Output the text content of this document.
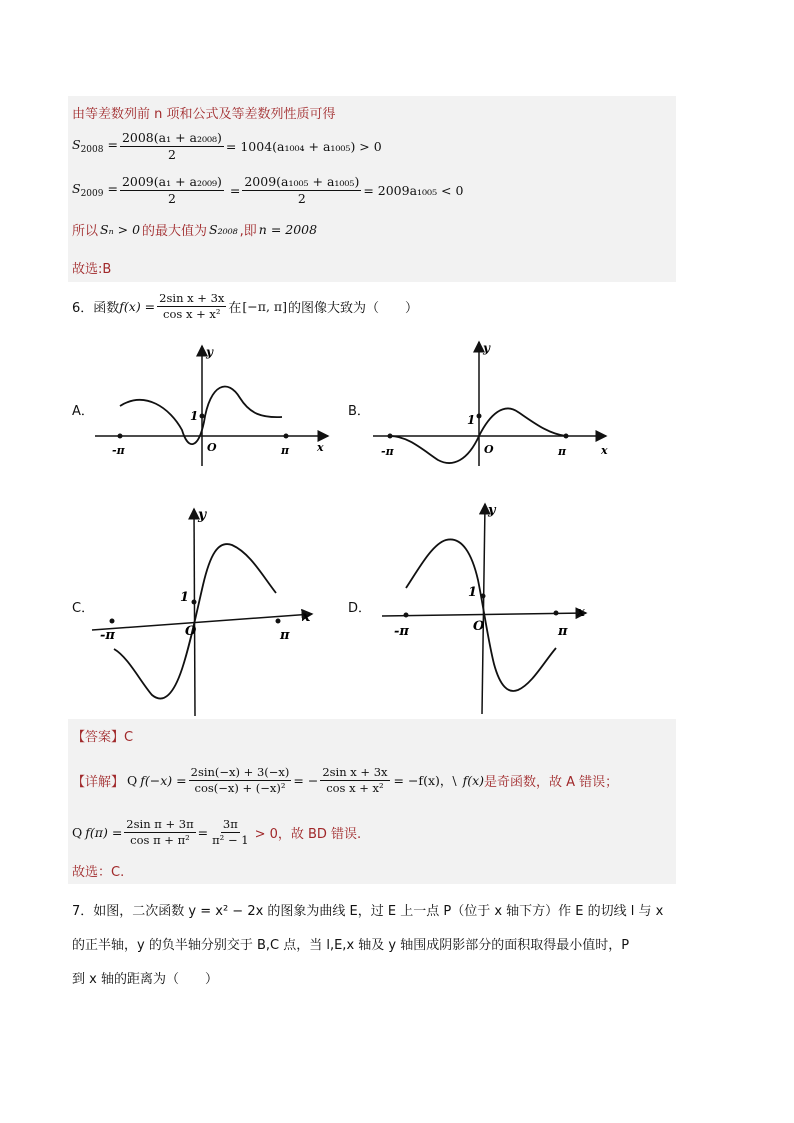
由等差数列前 n 项和公式及等差数列性质可得
$S_{2008} = \frac{\text{2008(a₁ + a₂₀₀₈)}}{2} = 1004(a_{1004} + a_{1005}) > 0$
$S_{2009} = \frac{\text{2009(a₁ + a₂₀₀₉)}}{2} = \frac{\text{2009(a₁₀₀₅ + a₁₀₀₅)}}{2} = 2009a_{1005} < 0$
所以 Sₙ > 0 的最大值为 S₂₀₀₈ ,即 n = 2008
故选:B
6．函数 $f(x) = \frac{\text{2sin x + 3x}}{\text{cos x + x²}}$ 在 [−π, π] 的图像大致为（　　）
A．	B．
C．	D．
y
1
O
-π	π	x
y
1
O
-π	π	x
y
1
O
-π	π
x
y
1
O
-π	π
x
【答案】C
【详解】 Q $f(-x) = \frac{2\sin(-x) + 3(-x)}{\text{cos(−x) + (−x)²}}$ = − $\frac{\text{2sin x + 3x}}{\text{cos x + x²}} = -f(x)$，\ f(x) 是奇函数，故 A 错误；
Q $f(\pi) = \frac{\text{2sin π + 3π}}{\text{cos π + π²}} = \frac{3\pi}{\text{π² − 1}} > 0$，故 BD 错误.
故选：C.
7．如图，二次函数 y = x² − 2x 的图象为曲线 E，过 E 上一点 P（位于 x 轴下方）作 E 的切线 l 与 x
的正半轴，y 的负半轴分别交于 B,C 点，当 l,E,x 轴及 y 轴围成阴影部分的面积取得最小值时，P
到 x 轴的距离为（　　）
